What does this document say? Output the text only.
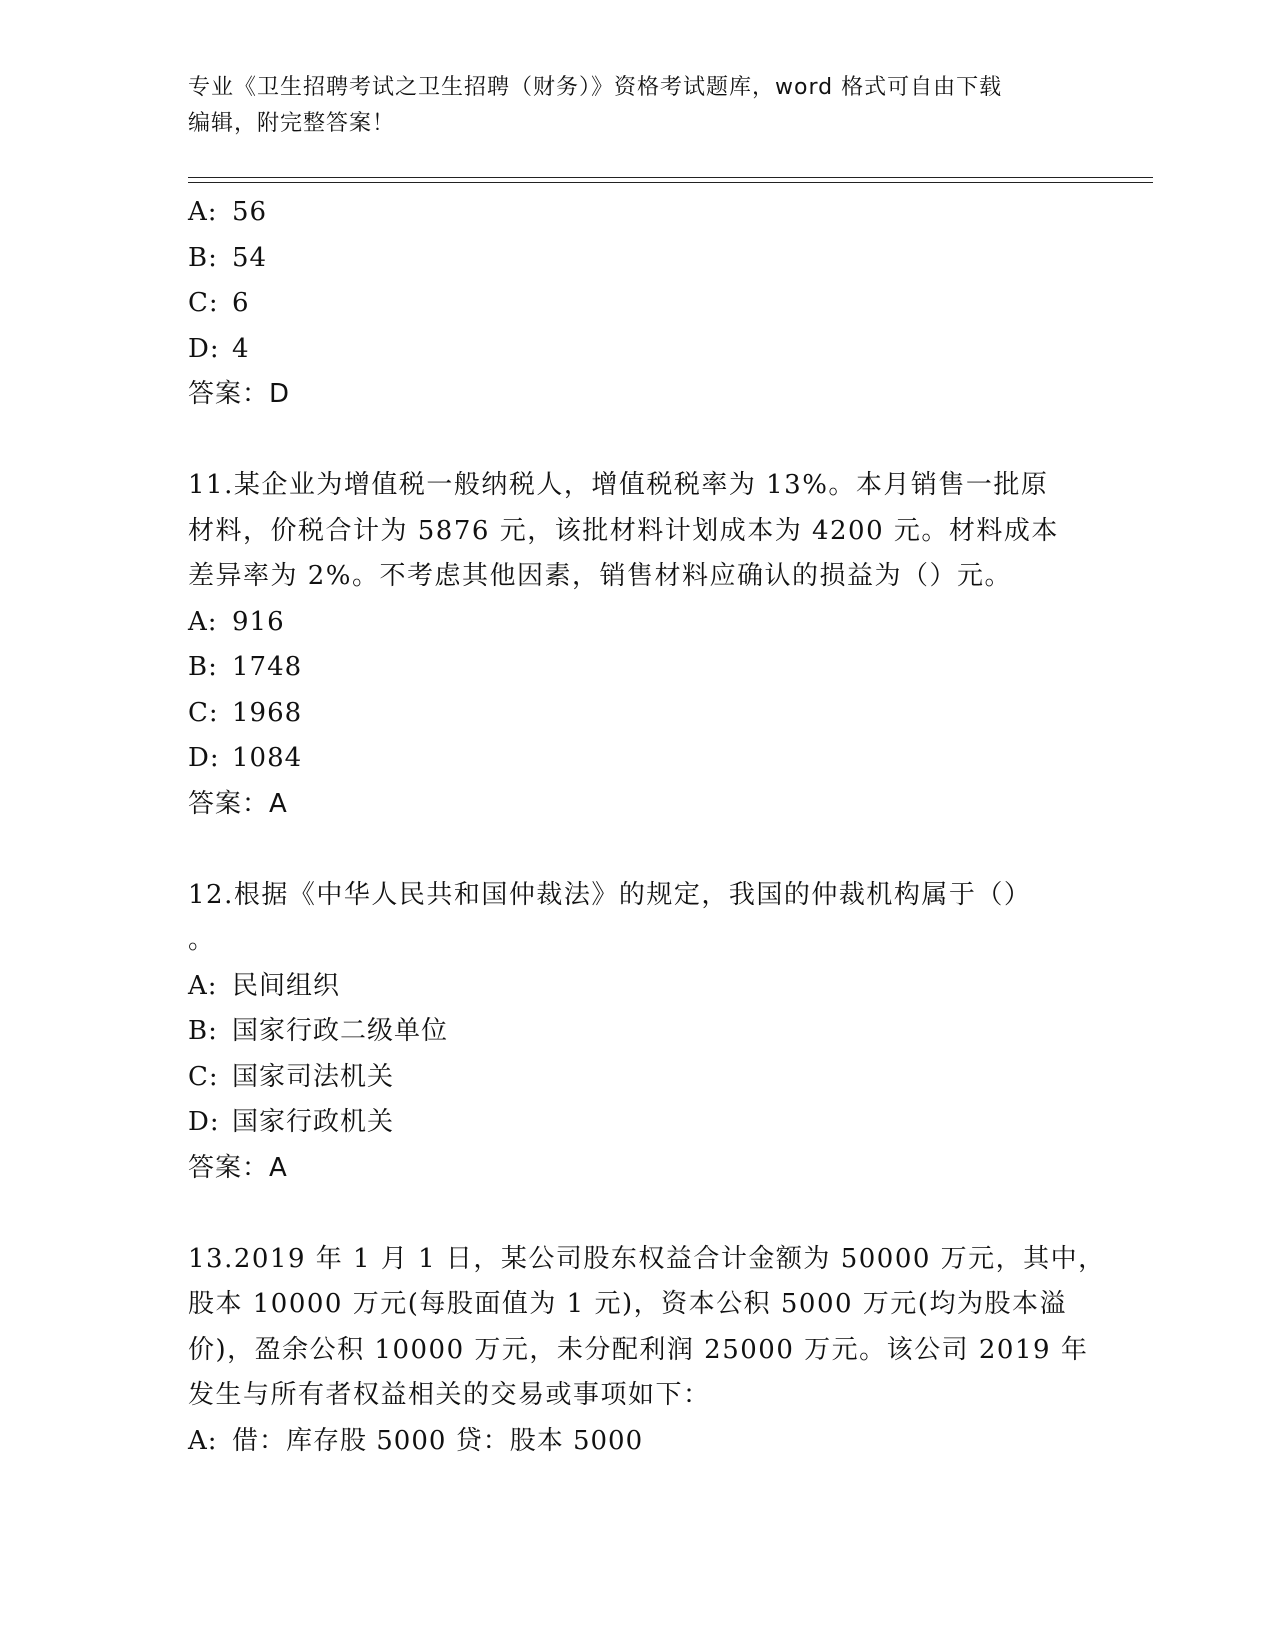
专业《卫生招聘考试之卫生招聘（财务）》资格考试题库，word 格式可自由下载
编辑，附完整答案！
A: 56
B: 54
C: 6
D: 4
答案：D
11.某企业为增值税一般纳税人，增值税税率为 13%。本月销售一批原
材料，价税合计为 5876 元，该批材料计划成本为 4200 元。材料成本
差异率为 2%。不考虑其他因素，销售材料应确认的损益为（）元。
A: 916
B: 1748
C: 1968
D: 1084
答案：A
12.根据《中华人民共和国仲裁法》的规定，我国的仲裁机构属于（）
。
A: 民间组织
B: 国家行政二级单位
C: 国家司法机关
D: 国家行政机关
答案：A
13.2019 年 1 月 1 日，某公司股东权益合计金额为 50000 万元，其中，
股本 10000 万元(每股面值为 1 元)，资本公积 5000 万元(均为股本溢
价)，盈余公积 10000 万元，未分配利润 25000 万元。该公司 2019 年
发生与所有者权益相关的交易或事项如下：
A: 借：库存股 5000 贷：股本 5000
